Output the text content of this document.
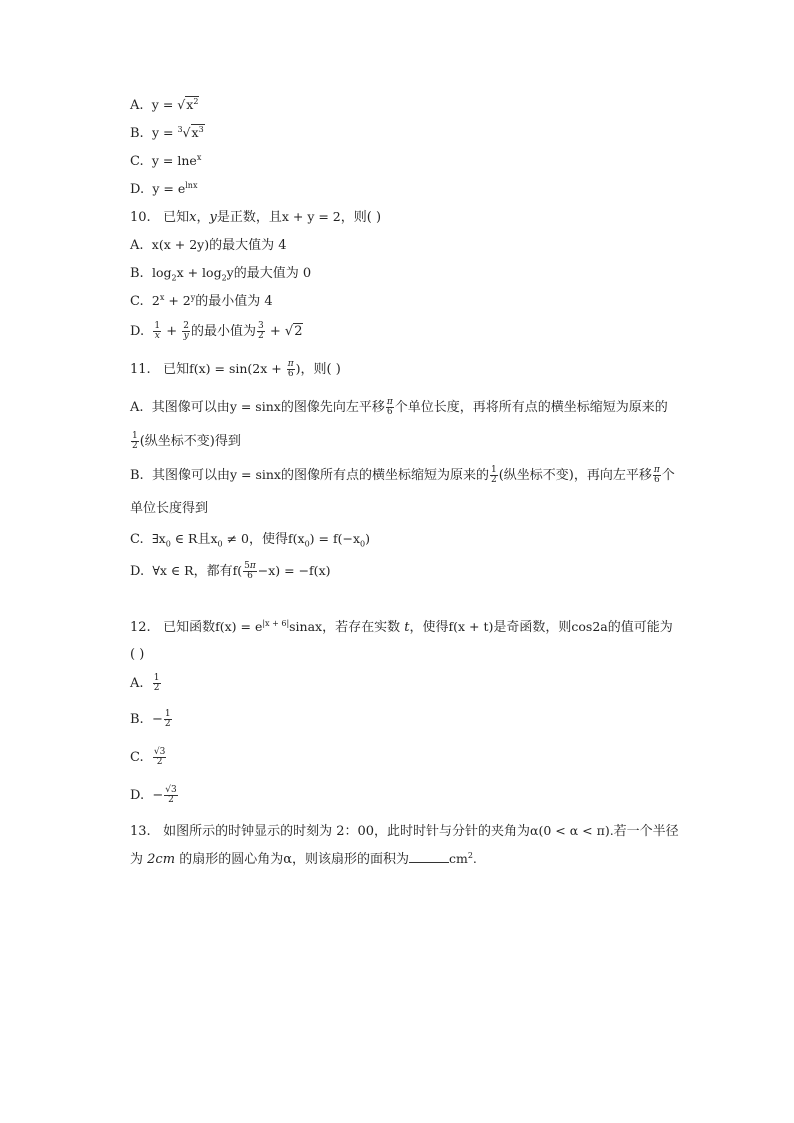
A. $y = √x^2$
B. $y = ^3√x^3$
C. y = lne$^x$
D. $y = e^{lnx}$
10. 已知x，y是正数，且x + y = 2，则( )
A. x(x + 2y)的最大值为 4
B. $\log_2x + \log_2y$的最大值为 0
C. $2^x + 2^y$的最小值为 4
D. $\frac{1}{x} + \frac{2}{y}$ 的最小值为 $\frac{3}{2} + √2$
11. 已知$f(x) = \sin(2x + \frac{\pi}{6}$ )，则( )
A. 其图像可以由y = sinx的图像先向左平移 $\frac{\pi}{6}$ 个单位长度，再将所有点的横坐标缩短为原来的
$\frac{1}{2}$ (纵坐标不变)得到
B. 其图像可以由y = sinx的图像所有点的横坐标缩短为原来的 $\frac{1}{2}$ (纵坐标不变)，再向左平移 $\frac{\pi}{6}$ 个
单位长度得到
C. $\exists x_0$ ∈ R且$x_0 \ne 0$，使得$f(x_0) = f(-x_0)$
D. ∀x ∈ R，都有$f( \frac{5\pi}{6} -x) = -f(x)$
12. 已知函数$f(x) = e^{|x + 6|}sinax$，若存在实数 t，使得f(x + t)是奇函数，则cos2a的值可能为
( )
A. $\frac{1}{2}$
B.  − $\frac{1}{2}$
C. $\frac{√3}{2}$
D.  − $\frac{√3}{2}$
13. 如图所示的时钟显示的时刻为 2：00，此时时针与分针的夹角为α(0 < α < π).若一个半径
为 2cm 的扇形的圆心角为α，则该扇形的面积为	$cm^2$.
